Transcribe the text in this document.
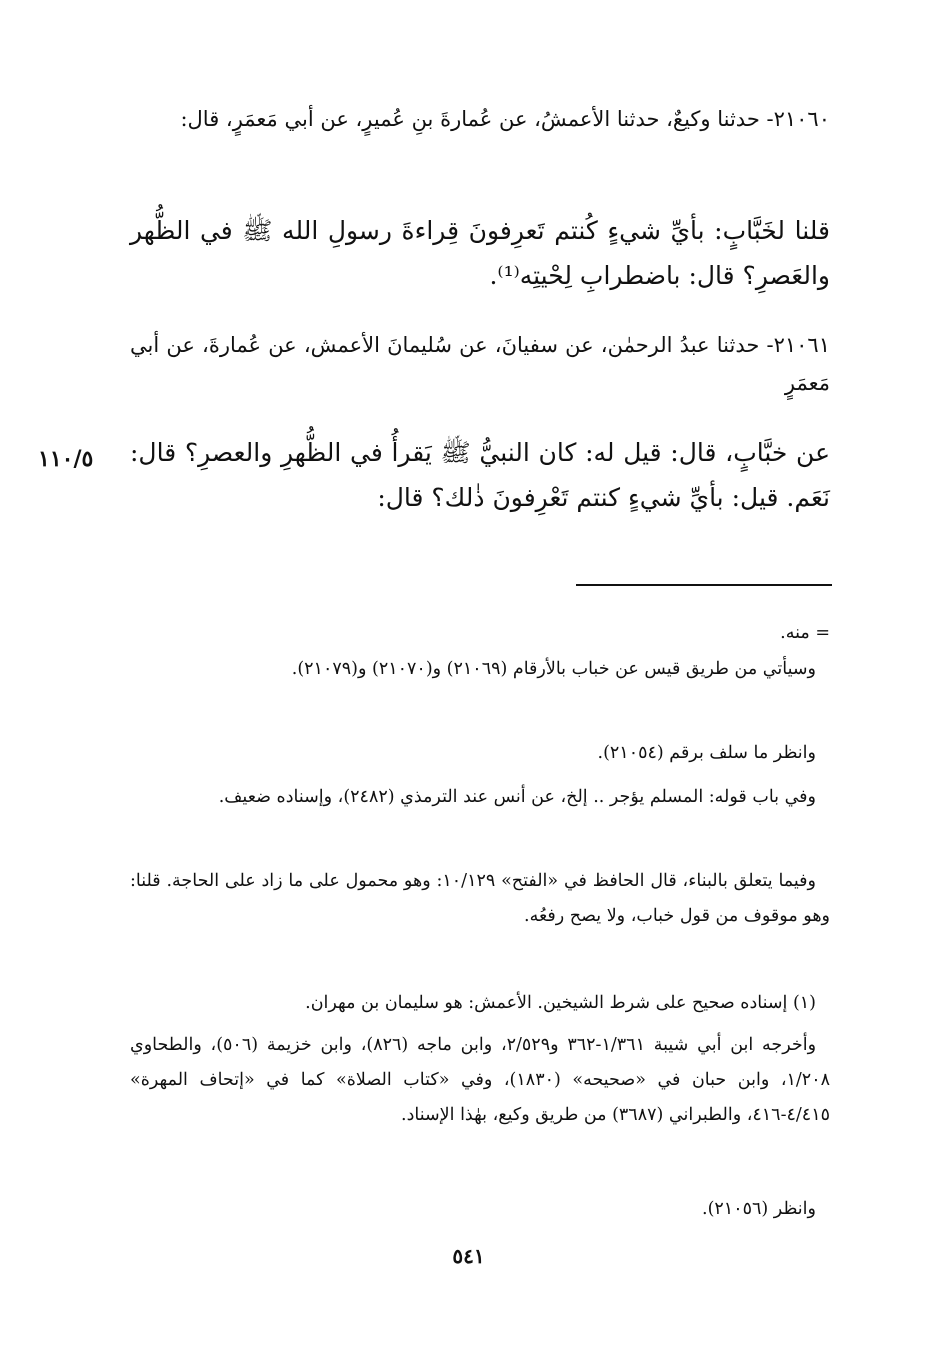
٢١٠٦٠- حدثنا وكيعٌ، حدثنا الأعمشُ، عن عُمارةَ بنِ عُميرٍ، عن أبي مَعمَرٍ، قال:

قلنا لخَبَّابٍ: بأيِّ شيءٍ كُنتم تَعرِفونَ قِراءةَ رسولِ الله ﷺ في الظُّهر والعَصرِ؟ قال: باضطرابِ لِحْيتِه⁽¹⁾.

٢١٠٦١- حدثنا عبدُ الرحمٰن، عن سفيانَ، عن سُليمانَ الأعمش، عن عُمارةَ، عن أبي مَعمَرٍ

عن خبَّابٍ، قال: قيل له: كان النبيُّ ﷺ يَقرأُ في الظُّهرِ والعصرِ؟ قال: نَعَم. قيل: بأيِّ شيءٍ كنتم تَعْرِفونَ ذٰلك؟ قال:

١١٠/٥

= منه.

وسيأتي من طريق قيس عن خباب بالأرقام (٢١٠٦٩) و(٢١٠٧٠) و(٢١٠٧٩).

وانظر ما سلف برقم (٢١٠٥٤).

وفي باب قوله: المسلم يؤجر .. إلخ، عن أنس عند الترمذي (٢٤٨٢)، وإسناده ضعيف.

وفيما يتعلق بالبناء، قال الحافظ في «الفتح» ١٠/١٢٩: وهو محمول على ما زاد على الحاجة. قلنا: وهو موقوف من قول خباب، ولا يصح رفعُه.

(١) إسناده صحيح على شرط الشيخين. الأعمش: هو سليمان بن مهران.

وأخرجه ابن أبي شيبة ١/٣٦١-٣٦٢ و٢/٥٢٩، وابن ماجه (٨٢٦)، وابن خزيمة (٥٠٦)، والطحاوي ١/٢٠٨، وابن حبان في «صحيحه» (١٨٣٠)، وفي «كتاب الصلاة» كما في «إتحاف المهرة» ٤/٤١٥-٤١٦، والطبراني (٣٦٨٧) من طريق وكيع، بهٰذا الإسناد.

وانظر (٢١٠٥٦).

٥٤١
